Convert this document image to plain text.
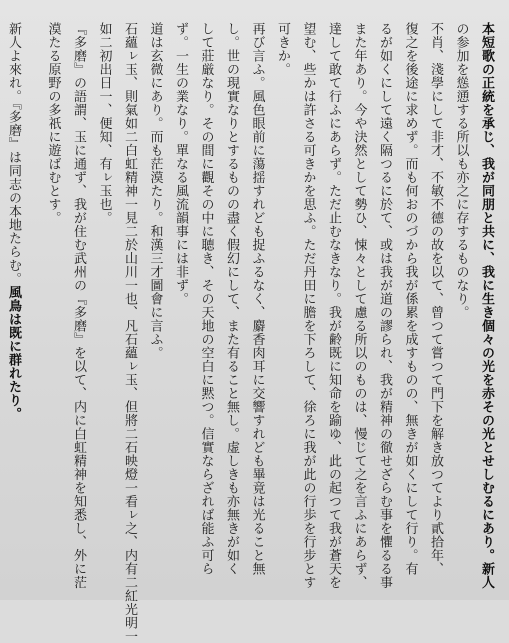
本短歌の正統を承じ、我が同朋と共に、我に生き個々の光を赤その光とせしむるにあり。新人
の参加を慫慂する所以も亦之に存するものなり。
不肖、淺學にして非才、不敏不德の故を以て、曾つて嘗つて門下を解き放つてより貳拾年、
復之を後途に求めず。而も何おのづから我が係累を成すものの、無きが如くにして行り。有
るが如くにして遠く隔つるに於て、或は我が道の謬られ、我が精神の徹せざらむ事を懼るる事
また年あり。今や決然として勢ひ、悚々として慮る所以のものは、慢じて之を言ふにあらず、
達して敢て行ふにあらず。ただ止むなきなり。我が齢既に知命を踰ゆ、此の起つて我が蒼天を
望む、些かは許さる可きかを思ふ。ただ丹田に膽を下ろして、徐ろに我が此の行歩を行步とす
可きか。
再び言ふ。風色眼前に蕩揺すれども捉ふるなく、麝香肉耳に交響すれども畢竟は光ること無
し。世の現實なりとするものの盡く假幻にして、また有ること無し。虚しきも亦無きが如く
して莊厳なり。その間に觀その中に聴き、その天地の空白に黙つ。信實ならざれば能ふ可ら
ず。一生の業なり。單なる風流韻事には非ず。
道は玄微にあり。而も茫漠たり。和漢三才圖會に言ふ。
石蘊ㇾ玉、則氣如二白虹精神一見二於山川一也、凡石蘊ㇾ玉、但將二石映燈一看ㇾ之、内有二紅光明一
如二初出日一、便知、有ㇾ玉也。
『多磨』の語謂、玉に通ず、我が住む武州の『多磨』を以て、内に白虹精神を知悉し、外に茫
漠たる原野の多祇に遊ばむとす。
新人よ來れ。『多磨』は同志の本地たらむ。風鳥は既に群れたり。
